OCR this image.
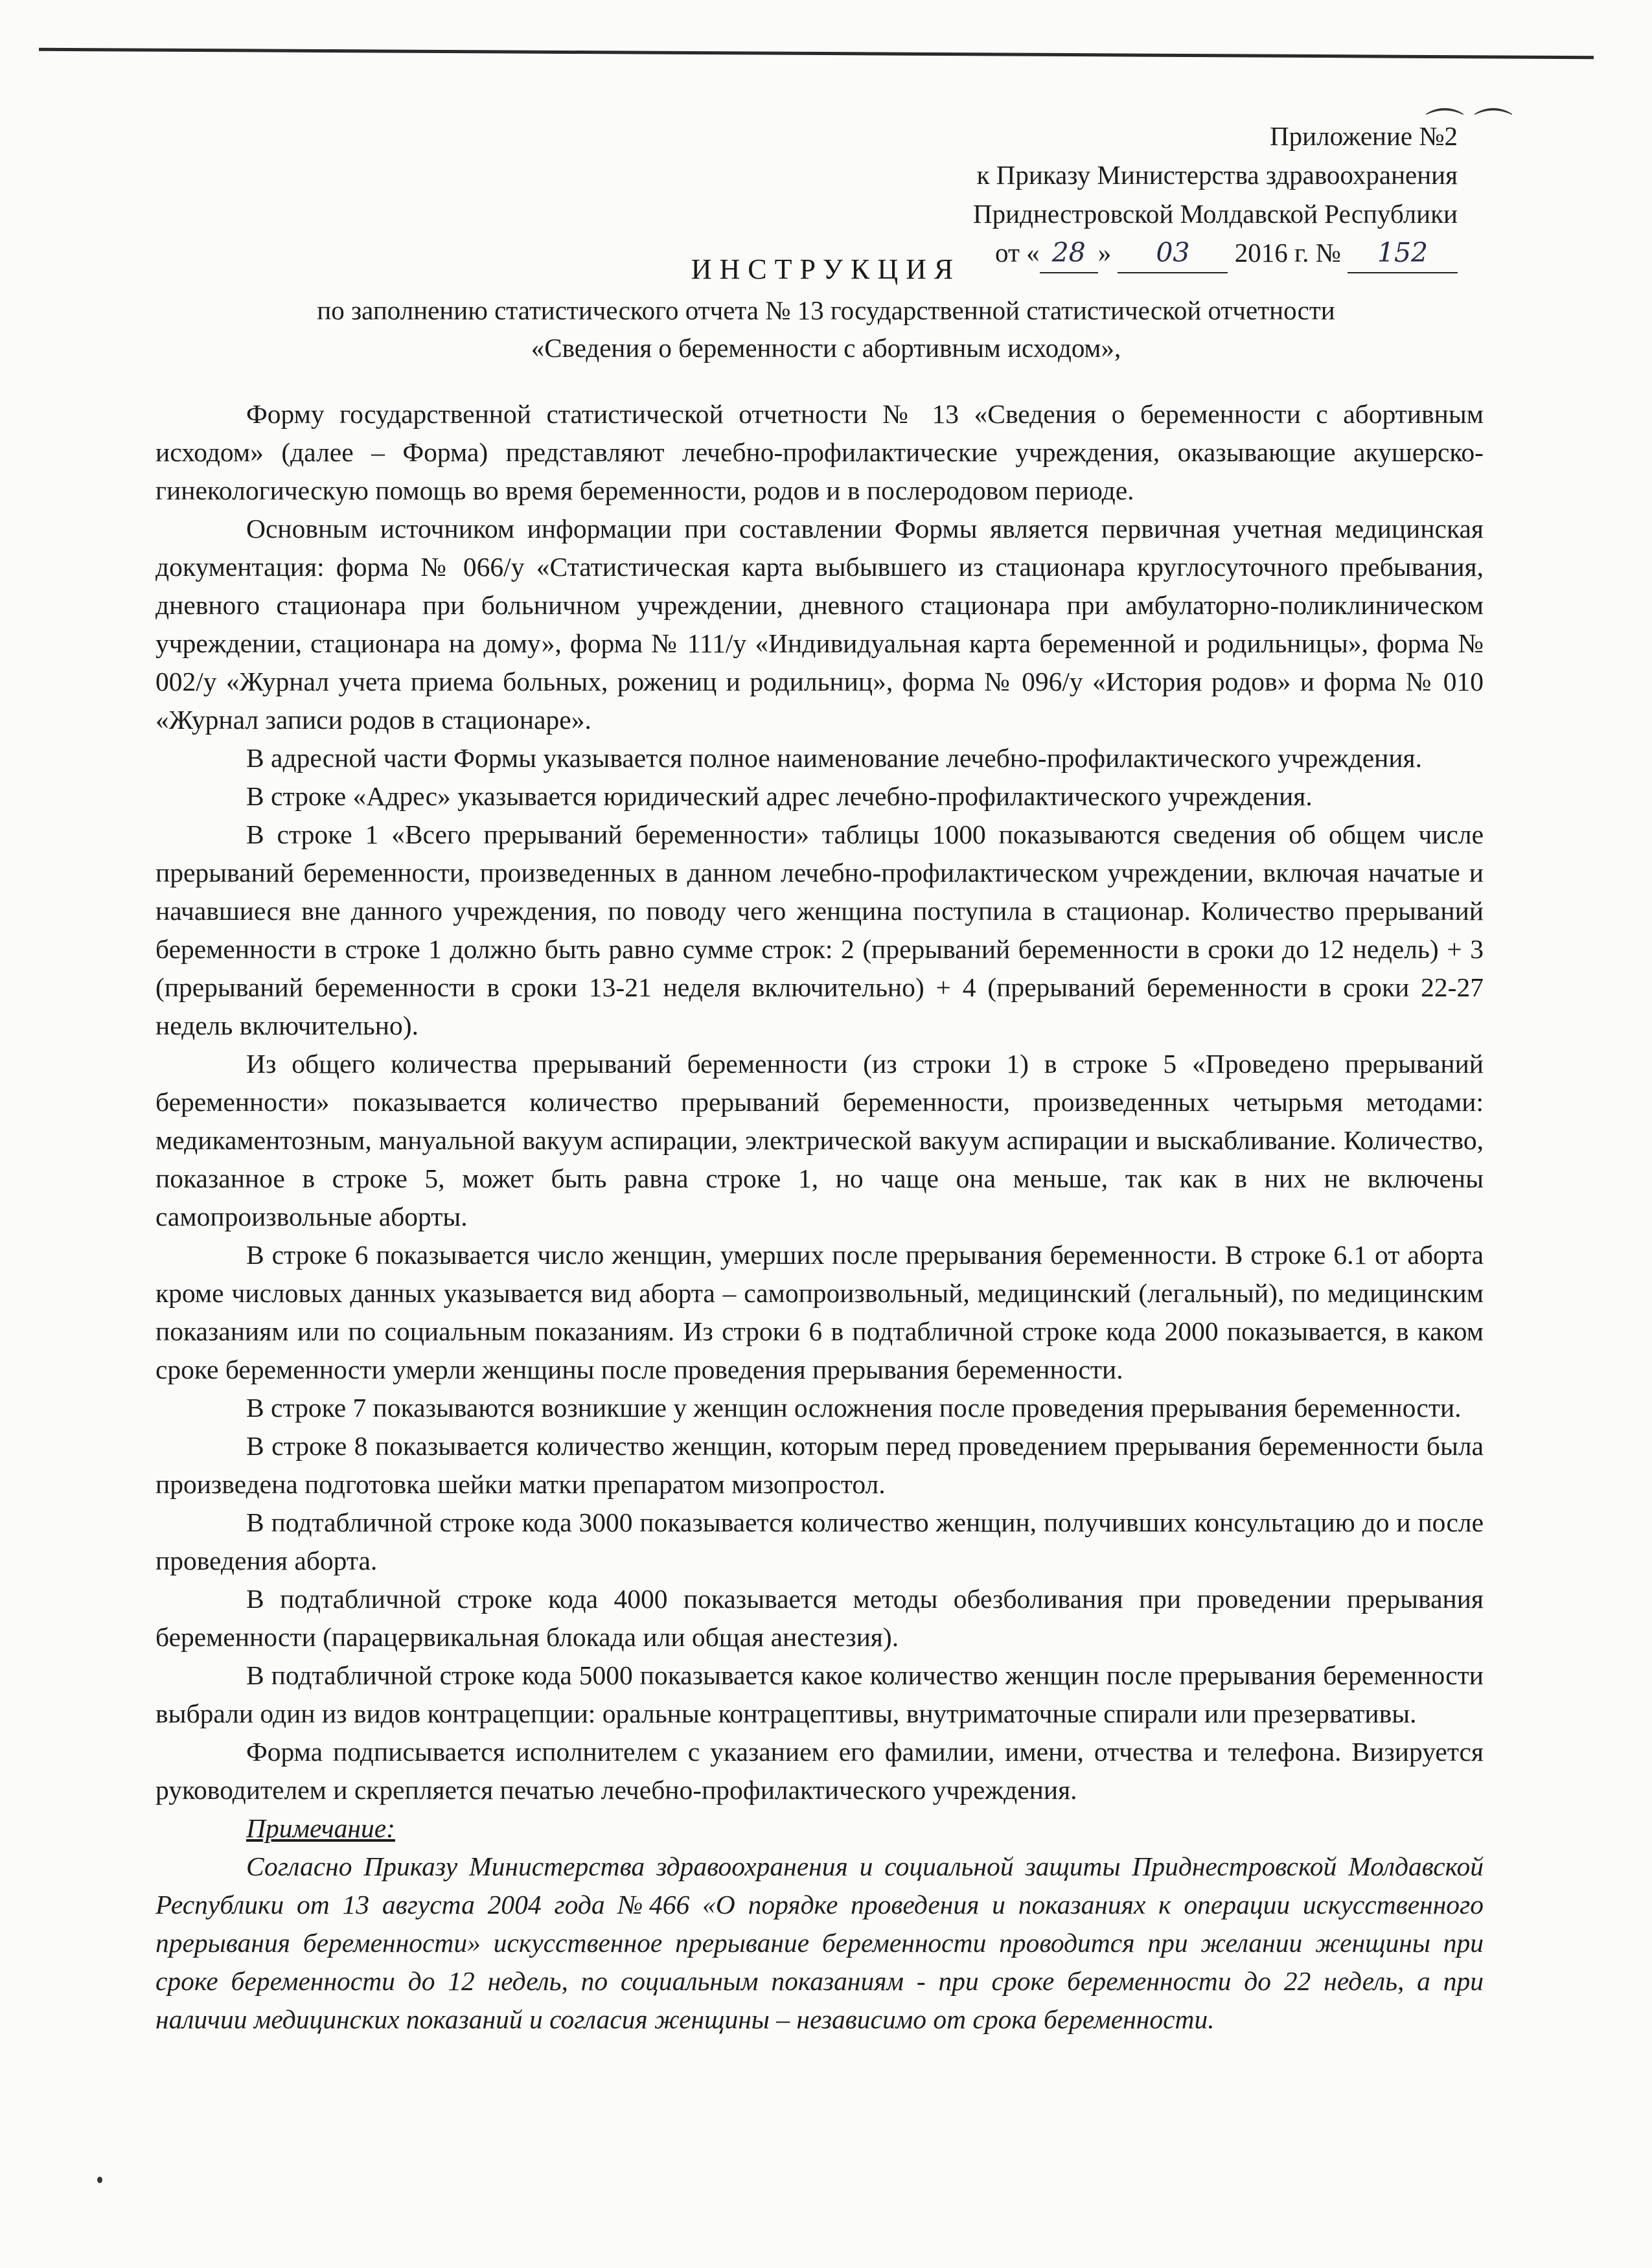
⌒ ⌒
Приложение №2
к Приказу Министерства здравоохранения
Приднестровской Молдавской Республики
от « 28 » 03 2016 г. № 152
ИНСТРУКЦИЯ
по заполнению статистического отчета № 13 государственной статистической отчетности
«Сведения о беременности с абортивным исходом»,

Форму государственной статистической отчетности № 13 «Сведения о беременности с абортивным исходом» (далее – Форма) представляют лечебно-профилактические учреждения, оказывающие акушерско-гинекологическую помощь во время беременности, родов и в послеродовом периоде.

Основным источником информации при составлении Формы является первичная учетная медицинская документация: форма № 066/у «Статистическая карта выбывшего из стационара круглосуточного пребывания, дневного стационара при больничном учреждении, дневного стационара при амбулаторно-поликлиническом учреждении, стационара на дому», форма № 111/у «Индивидуальная карта беременной и родильницы», форма № 002/у «Журнал учета приема больных, рожениц и родильниц», форма № 096/у «История родов» и форма № 010 «Журнал записи родов в стационаре».

В адресной части Формы указывается полное наименование лечебно-профилактического учреждения.

В строке «Адрес» указывается юридический адрес лечебно-профилактического учреждения.

В строке 1 «Всего прерываний беременности» таблицы 1000 показываются сведения об общем числе прерываний беременности, произведенных в данном лечебно-профилактическом учреждении, включая начатые и начавшиеся вне данного учреждения, по поводу чего женщина поступила в стационар. Количество прерываний беременности в строке 1 должно быть равно сумме строк: 2 (прерываний беременности в сроки до 12 недель) + 3 (прерываний беременности в сроки 13-21 неделя включительно) + 4 (прерываний беременности в сроки 22-27 недель включительно).

Из общего количества прерываний беременности (из строки 1) в строке 5 «Проведено прерываний беременности» показывается количество прерываний беременности, произведенных четырьмя методами: медикаментозным, мануальной вакуум аспирации, электрической вакуум аспирации и выскабливание. Количество, показанное в строке 5, может быть равна строке 1, но чаще она меньше, так как в них не включены самопроизвольные аборты.

В строке 6 показывается число женщин, умерших после прерывания беременности. В строке 6.1 от аборта кроме числовых данных указывается вид аборта – самопроизвольный, медицинский (легальный), по медицинским показаниям или по социальным показаниям. Из строки 6 в подтабличной строке кода 2000 показывается, в каком сроке беременности умерли женщины после проведения прерывания беременности.

В строке 7 показываются возникшие у женщин осложнения после проведения прерывания беременности.

В строке 8 показывается количество женщин, которым перед проведением прерывания беременности была произведена подготовка шейки матки препаратом мизопростол.

В подтабличной строке кода 3000 показывается количество женщин, получивших консультацию до и после проведения аборта.

В подтабличной строке кода 4000 показывается методы обезболивания при проведении прерывания беременности (парацервикальная блокада или общая анестезия).

В подтабличной строке кода 5000 показывается какое количество женщин после прерывания беременности выбрали один из видов контрацепции: оральные контрацептивы, внутриматочные спирали или презервативы.

Форма подписывается исполнителем с указанием его фамилии, имени, отчества и телефона. Визируется руководителем и скрепляется печатью лечебно-профилактического учреждения.

Примечание:

Согласно Приказу Министерства здравоохранения и социальной защиты Приднестровской Молдавской Республики от 13 августа 2004 года №466 «О порядке проведения и показаниях к операции искусственного прерывания беременности» искусственное прерывание беременности проводится при желании женщины при сроке беременности до 12 недель, по социальным показаниям - при сроке беременности до 22 недель, а при наличии медицинских показаний и согласия женщины – независимо от срока беременности.
